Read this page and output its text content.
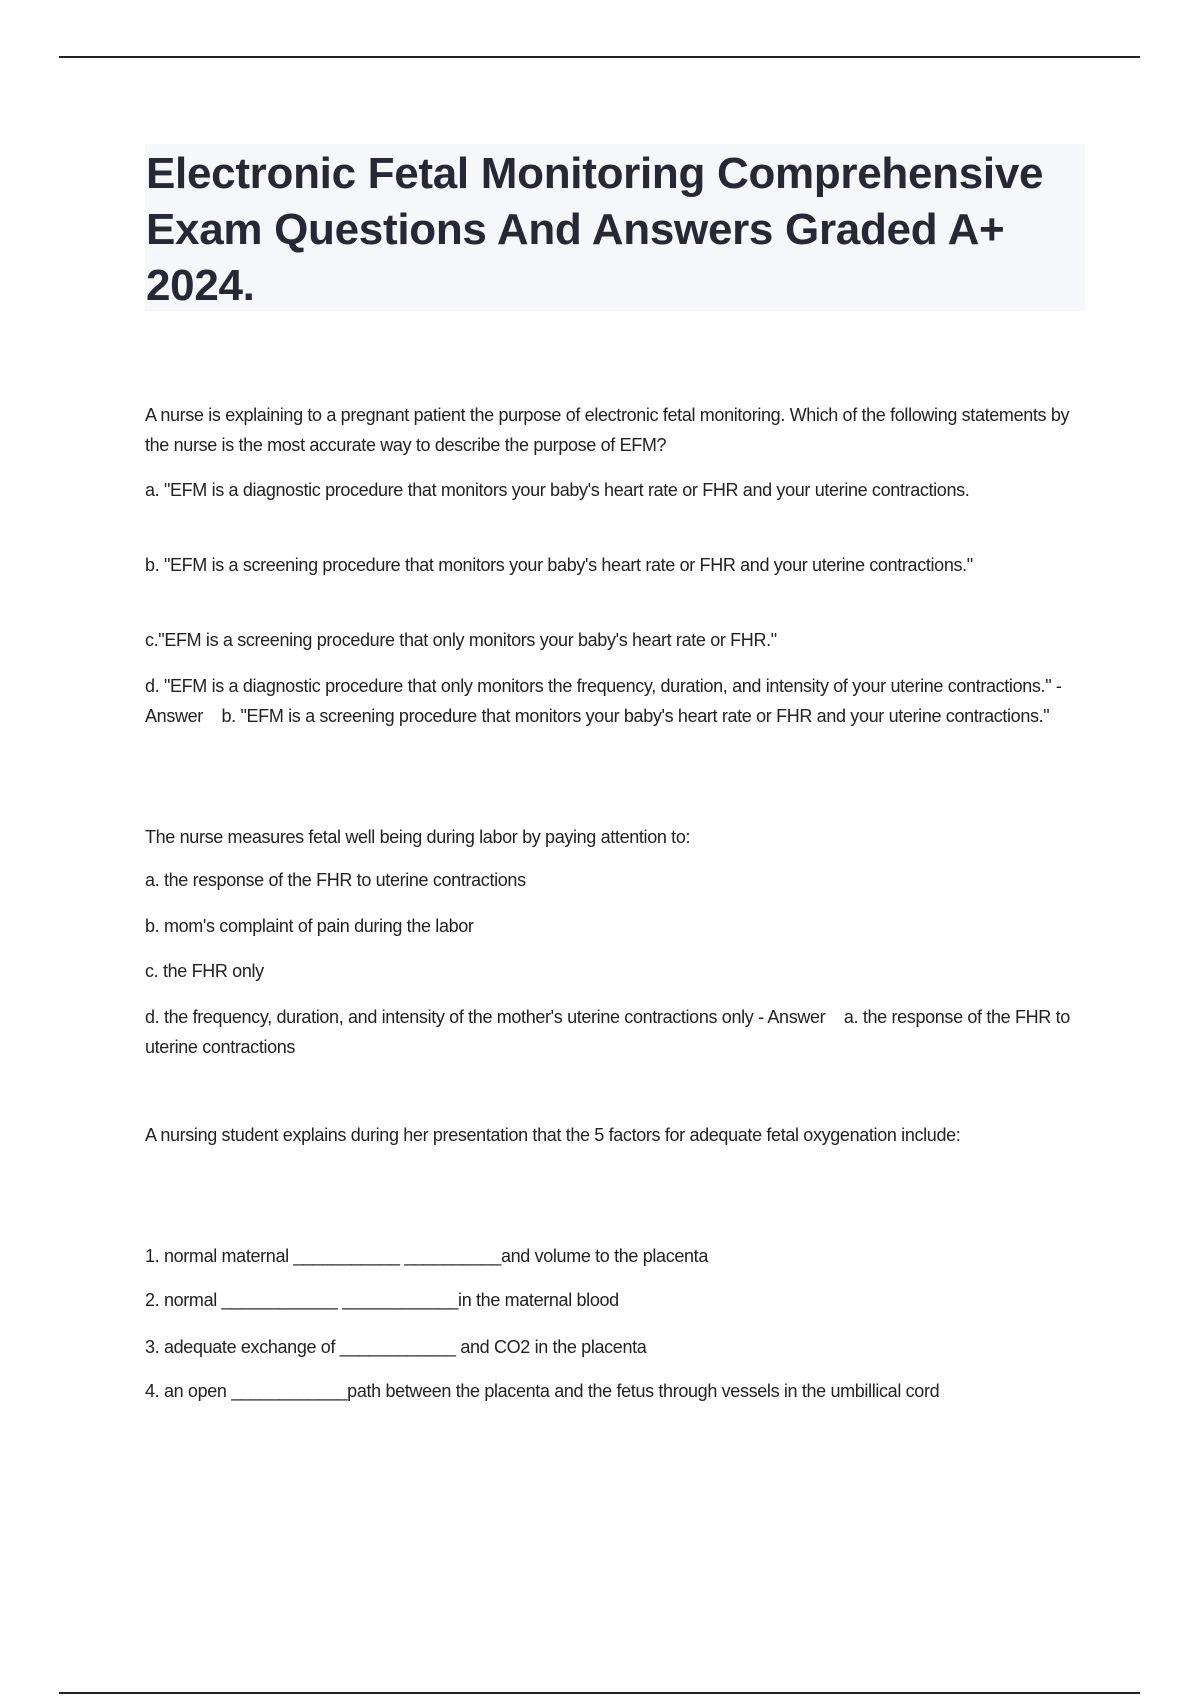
Electronic Fetal Monitoring Comprehensive Exam Questions And Answers Graded A+ 2024.

A nurse is explaining to a pregnant patient the purpose of electronic fetal monitoring. Which of the following statements by the nurse is the most accurate way to describe the purpose of EFM?

a. "EFM is a diagnostic procedure that monitors your baby's heart rate or FHR and your uterine contractions.

b. "EFM is a screening procedure that monitors your baby's heart rate or FHR and your uterine contractions."

c."EFM is a screening procedure that only monitors your baby's heart rate or FHR."

d. "EFM is a diagnostic procedure that only monitors the frequency, duration, and intensity of your uterine contractions." - Answer    b. "EFM is a screening procedure that monitors your baby's heart rate or FHR and your uterine contractions."

The nurse measures fetal well being during labor by paying attention to:

a. the response of the FHR to uterine contractions

b. mom's complaint of pain during the labor

c. the FHR only

d. the frequency, duration, and intensity of the mother's uterine contractions only - Answer    a. the response of the FHR to uterine contractions

A nursing student explains during her presentation that the 5 factors for adequate fetal oxygenation include:

1. normal maternal ___________ __________and volume to the placenta

2. normal ____________ ____________in the maternal blood

3. adequate exchange of ____________ and CO2 in the placenta

4. an open ____________path between the placenta and the fetus through vessels in the umbillical cord
